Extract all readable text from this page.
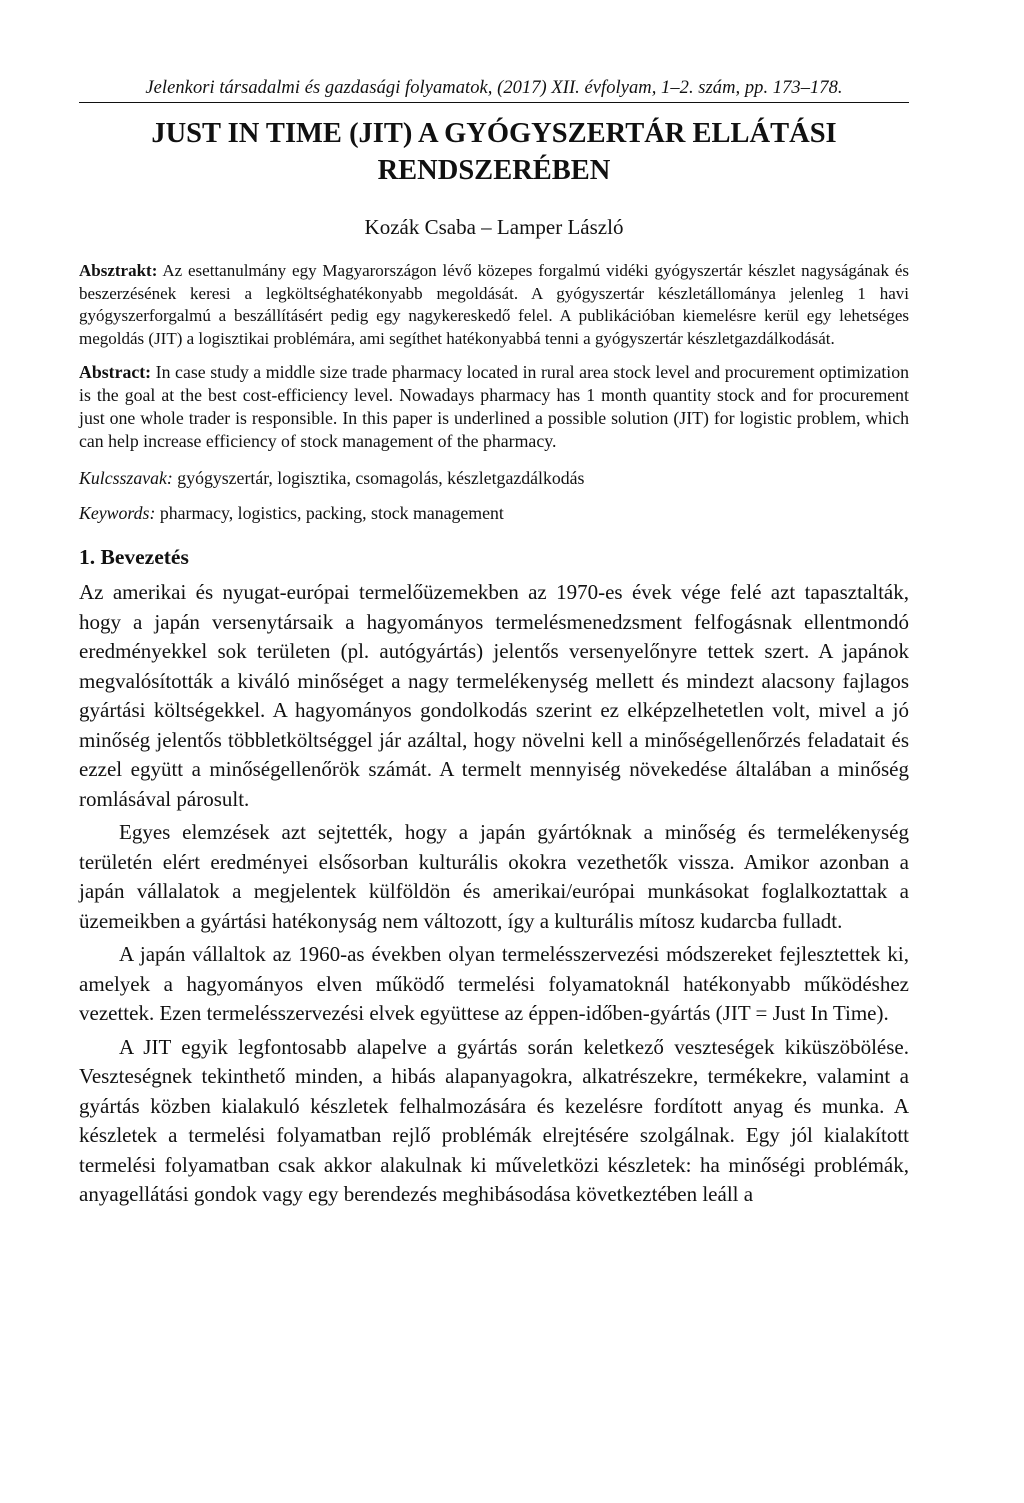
Jelenkori társadalmi és gazdasági folyamatok, (2017) XII. évfolyam, 1–2. szám, pp. 173–178.
JUST IN TIME (JIT) A GYÓGYSZERTÁR ELLÁTÁSI RENDSZERÉBEN
Kozák Csaba – Lamper László
Absztrakt: Az esettanulmány egy Magyarországon lévő közepes forgalmú vidéki gyógyszertár készlet nagyságának és beszerzésének keresi a legköltséghatékonyabb megoldását. A gyógyszertár készletállománya jelenleg 1 havi gyógyszerforgalmú a beszállításért pedig egy nagykereskedő felel. A publikációban kiemelésre kerül egy lehetséges megoldás (JIT) a logisztikai problémára, ami segíthet hatékonyabbá tenni a gyógyszertár készletgazdálkodását.
Abstract: In case study a middle size trade pharmacy located in rural area stock level and procurement optimization is the goal at the best cost-efficiency level. Nowadays pharmacy has 1 month quantity stock and for procurement just one whole trader is responsible. In this paper is underlined a possible solution (JIT) for logistic problem, which can help increase efficiency of stock management of the pharmacy.
Kulcsszavak: gyógyszertár, logisztika, csomagolás, készletgazdálkodás
Keywords: pharmacy, logistics, packing, stock management
1. Bevezetés

Az amerikai és nyugat-európai termelőüzemekben az 1970-es évek vége felé azt tapasztalták, hogy a japán versenytársaik a hagyományos termelésmenedzsment felfogásnak ellentmondó eredményekkel sok területen (pl. autógyártás) jelentős versenyelőnyre tettek szert. A japánok megvalósították a kiváló minőséget a nagy termelékenység mellett és mindezt alacsony fajlagos gyártási költségekkel. A hagyományos gondolkodás szerint ez elképzelhetetlen volt, mivel a jó minőség jelentős többletköltséggel jár azáltal, hogy növelni kell a minőségellenőrzés feladatait és ezzel együtt a minőségellenőrök számát. A termelt mennyiség növekedése általában a minőség romlásával párosult.

Egyes elemzések azt sejtették, hogy a japán gyártóknak a minőség és termelékenység területén elért eredményei elsősorban kulturális okokra vezethetők vissza. Amikor azonban a japán vállalatok a megjelentek külföldön és amerikai/európai munkásokat foglalkoztattak a üzemeikben a gyártási hatékonyság nem változott, így a kulturális mítosz kudarcba fulladt.

A japán vállaltok az 1960-as években olyan termelésszervezési módszereket fejlesztettek ki, amelyek a hagyományos elven működő termelési folyamatoknál hatékonyabb működéshez vezettek. Ezen termelésszervezési elvek együttese az éppen-időben-gyártás (JIT = Just In Time).

A JIT egyik legfontosabb alapelve a gyártás során keletkező veszteségek kiküszöbölése. Veszteségnek tekinthető minden, a hibás alapanyagokra, alkatrészekre, termékekre, valamint a gyártás közben kialakuló készletek felhalmozására és kezelésre fordított anyag és munka. A készletek a termelési folyamatban rejlő problémák elrejtésére szolgálnak. Egy jól kialakított termelési folyamatban csak akkor alakulnak ki műveletközi készletek: ha minőségi problémák, anyagellátási gondok vagy egy berendezés meghibásodása következtében leáll a
